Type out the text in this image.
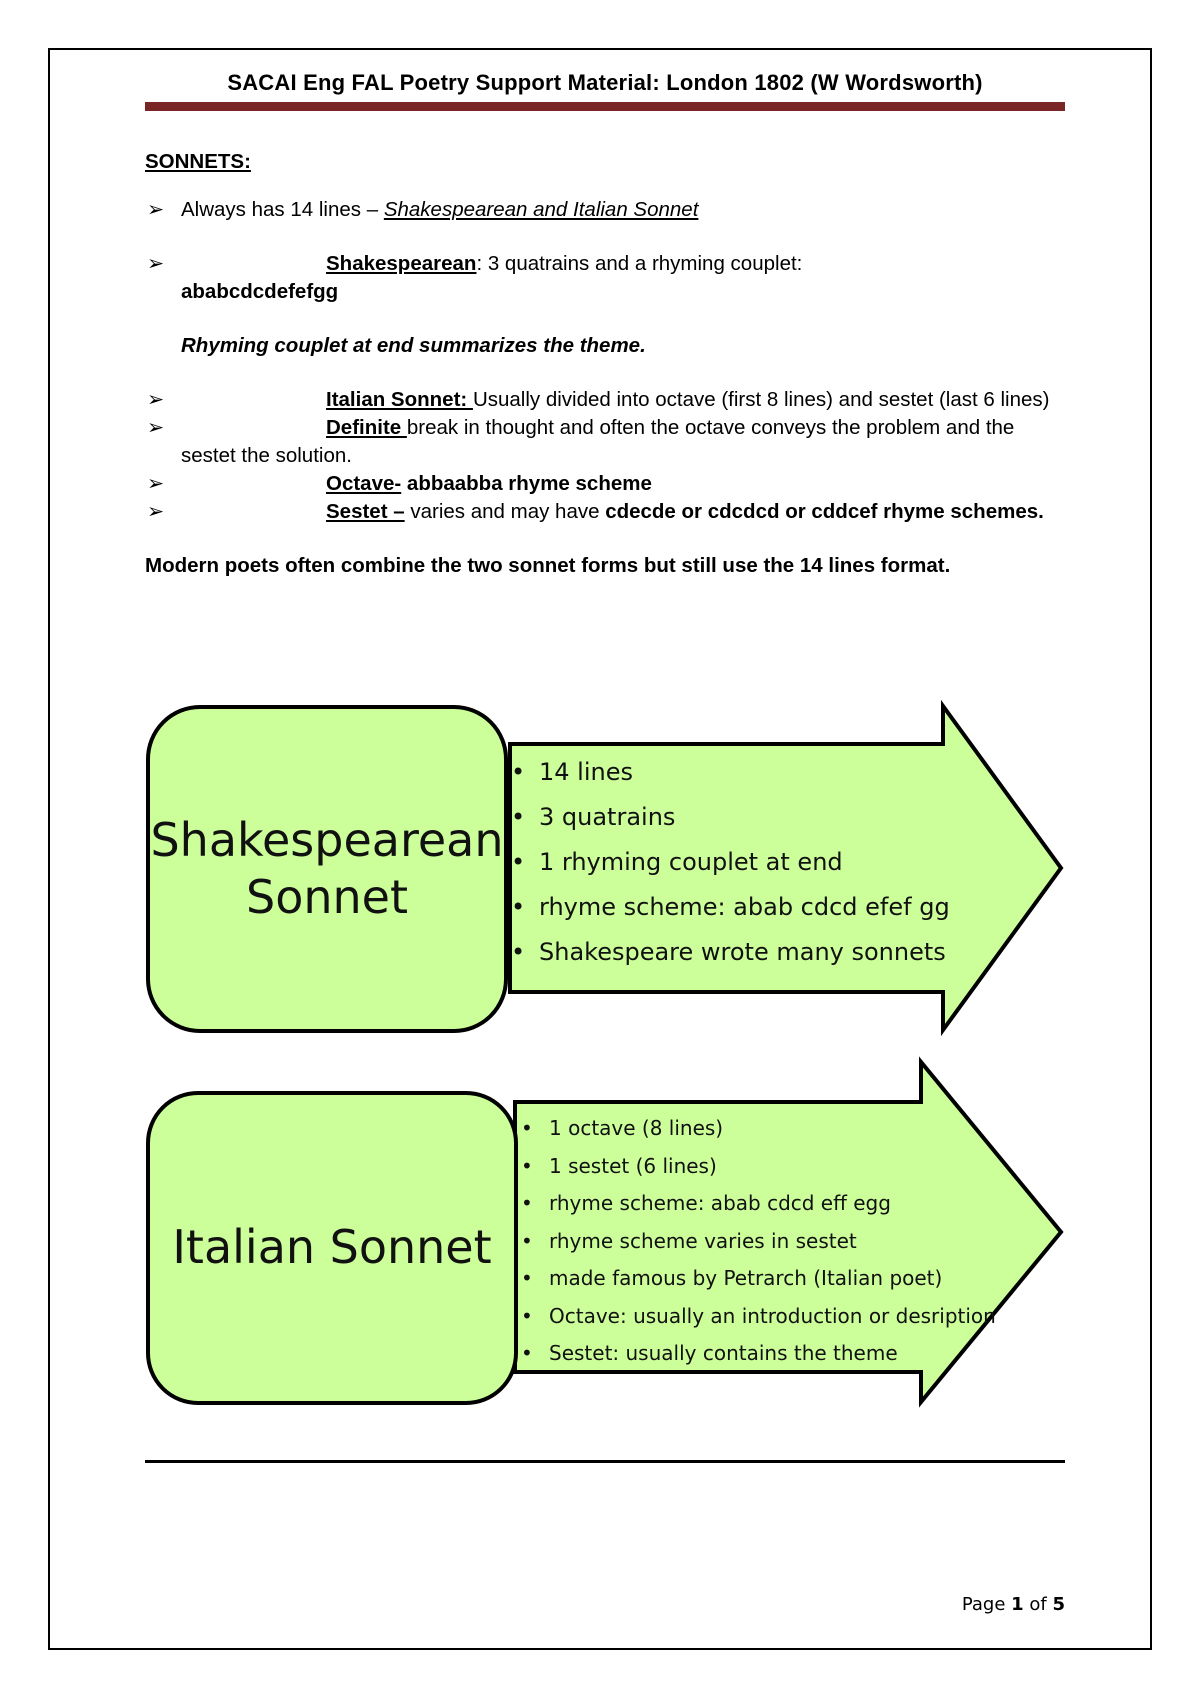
SACAI Eng FAL Poetry Support Material: London 1802 (W Wordsworth)
SONNETS:
➢ Always has 14 lines – Shakespearean and Italian Sonnet
➢	Shakespearean: 3 quatrains and a rhyming couplet:
ababcdcdefefgg
Rhyming couplet at end summarizes the theme.
➢	Italian Sonnet: Usually divided into octave (first 8 lines) and sestet (last 6 lines)
➢	Definite break in thought and often the octave conveys the problem and the sestet the solution.
➢	Octave- abbaabba rhyme scheme
➢	Sestet – varies and may have cdecde or cdcdcd or cddcef rhyme schemes.
Modern poets often combine the two sonnet forms but still use the 14 lines format.
Shakespearean
Sonnet
• 14 lines
• 3 quatrains
• 1 rhyming couplet at end
• rhyme scheme: abab cdcd efef gg
• Shakespeare wrote many sonnets
Italian Sonnet
• 1 octave (8 lines)
• 1 sestet (6 lines)
• rhyme scheme: abab cdcd eff egg
• rhyme scheme varies in sestet
• made famous by Petrarch (Italian poet)
• Octave: usually an introduction or desription
• Sestet: usually contains the theme
Page 1 of 5
